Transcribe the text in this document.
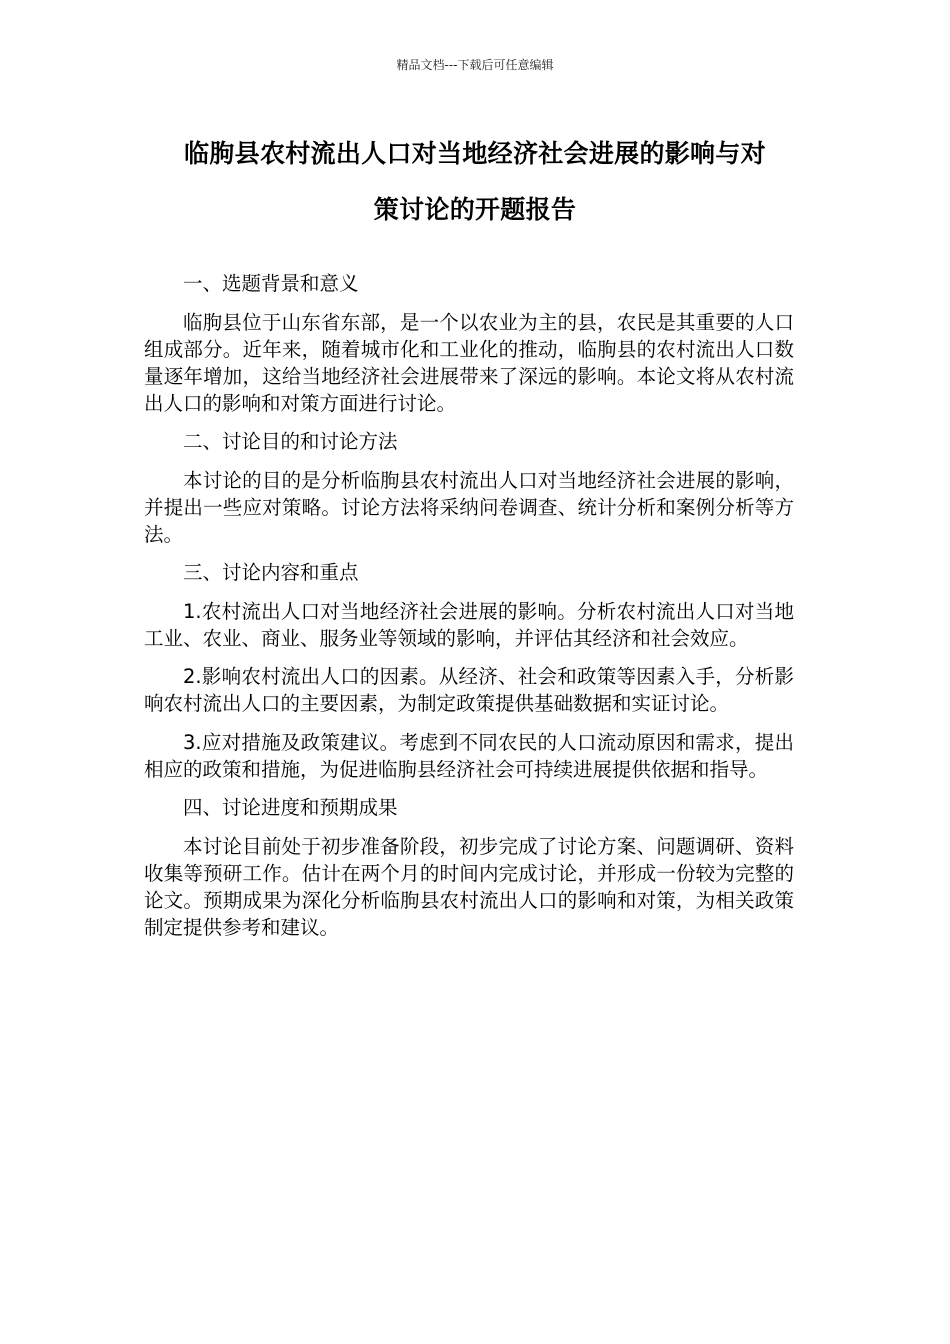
精品文档---下载后可任意编辑
临朐县农村流出人口对当地经济社会进展的影响与对
策讨论的开题报告

一、选题背景和意义

临朐县位于山东省东部，是一个以农业为主的县，农民是其重要的人口组成部分。近年来，随着城市化和工业化的推动，临朐县的农村流出人口数量逐年增加，这给当地经济社会进展带来了深远的影响。本论文将从农村流出人口的影响和对策方面进行讨论。

二、讨论目的和讨论方法

本讨论的目的是分析临朐县农村流出人口对当地经济社会进展的影响，并提出一些应对策略。讨论方法将采纳问卷调查、统计分析和案例分析等方法。

三、讨论内容和重点

1.农村流出人口对当地经济社会进展的影响。分析农村流出人口对当地工业、农业、商业、服务业等领域的影响，并评估其经济和社会效应。

2.影响农村流出人口的因素。从经济、社会和政策等因素入手，分析影响农村流出人口的主要因素，为制定政策提供基础数据和实证讨论。

3.应对措施及政策建议。考虑到不同农民的人口流动原因和需求，提出相应的政策和措施，为促进临朐县经济社会可持续进展提供依据和指导。

四、讨论进度和预期成果

本讨论目前处于初步准备阶段，初步完成了讨论方案、问题调研、资料收集等预研工作。估计在两个月的时间内完成讨论，并形成一份较为完整的论文。预期成果为深化分析临朐县农村流出人口的影响和对策，为相关政策制定提供参考和建议。
